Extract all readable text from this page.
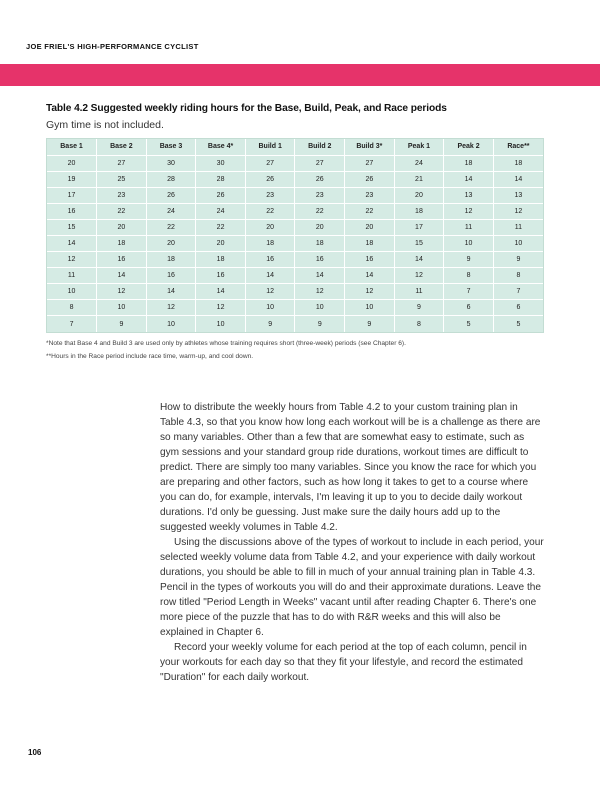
JOE FRIEL'S HIGH-PERFORMANCE CYCLIST
Table 4.2 Suggested weekly riding hours for the Base, Build, Peak, and Race periods
Gym time is not included.
Base 1	Base 2	Base 3	Base 4*	Build 1	Build 2	Build 3*	Peak 1	Peak 2	Race**
20	27	30	30	27	27	27	24	18	18
19	25	28	28	26	26	26	21	14	14
17	23	26	26	23	23	23	20	13	13
16	22	24	24	22	22	22	18	12	12
15	20	22	22	20	20	20	17	11	11
14	18	20	20	18	18	18	15	10	10
12	16	18	18	16	16	16	14	9	9
11	14	16	16	14	14	14	12	8	8
10	12	14	14	12	12	12	11	7	7
8	10	12	12	10	10	10	9	6	6
7	9	10	10	9	9	9	8	5	5
*Note that Base 4 and Build 3 are used only by athletes whose training requires short (three-week) periods (see Chapter 6).
**Hours in the Race period include race time, warm-up, and cool down.

How to distribute the weekly hours from Table 4.2 to your custom training plan in Table 4.3, so that you know how long each workout will be is a challenge as there are so many variables. Other than a few that are somewhat easy to estimate, such as gym sessions and your standard group ride durations, workout times are difficult to predict. There are simply too many variables. Since you know the race for which you are preparing and other factors, such as how long it takes to get to a course where you can do, for example, intervals, I'm leaving it up to you to decide daily workout durations. I'd only be guessing. Just make sure the daily hours add up to the suggested weekly volumes in Table 4.2.

Using the discussions above of the types of workout to include in each period, your selected weekly volume data from Table 4.2, and your experience with daily workout durations, you should be able to fill in much of your annual training plan in Table 4.3. Pencil in the types of workouts you will do and their approximate durations. Leave the row titled "Period Length in Weeks" vacant until after reading Chapter 6. There's one more piece of the puzzle that has to do with R&R weeks and this will also be explained in Chapter 6.

Record your weekly volume for each period at the top of each column, pencil in your workouts for each day so that they fit your lifestyle, and record the estimated "Duration" for each daily workout.

106
